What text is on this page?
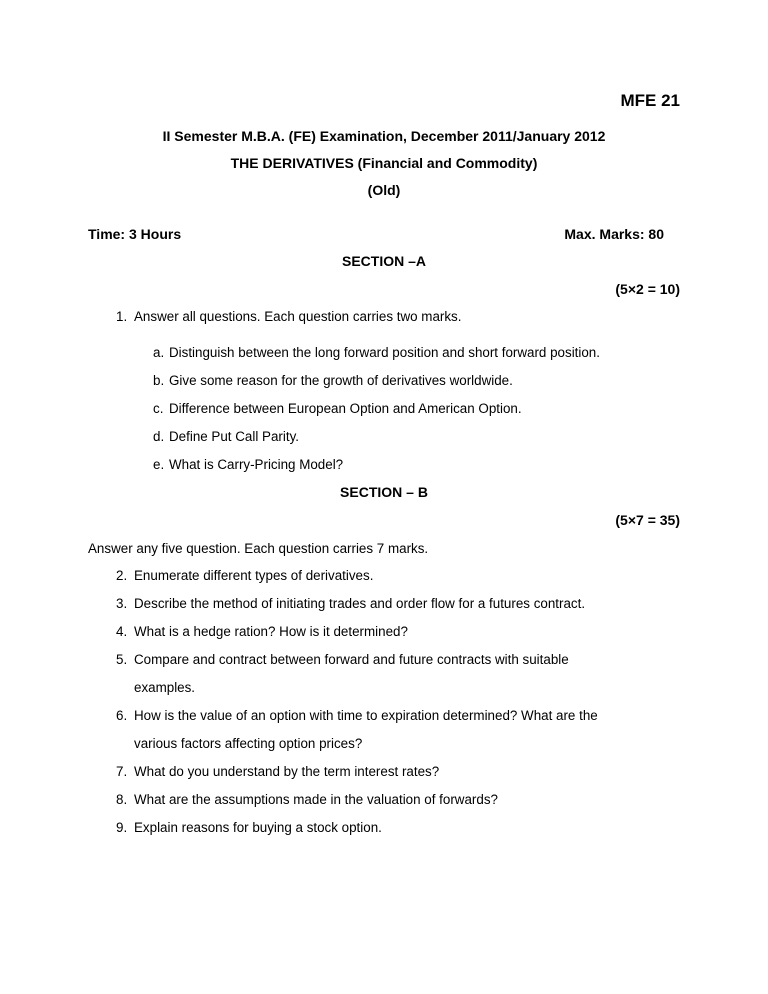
MFE 21
II Semester M.B.A. (FE) Examination, December 2011/January 2012
THE DERIVATIVES (Financial and Commodity)
(Old)
Time: 3 Hours	Max. Marks: 80
SECTION –A
(5×2 = 10)
1. Answer all questions. Each question carries two marks.
a. Distinguish between the long forward position and short forward position.
b. Give some reason for the growth of derivatives worldwide.
c. Difference between European Option and American Option.
d. Define Put Call Parity.
e. What is Carry-Pricing Model?
SECTION – B
(5×7 = 35)
Answer any five question. Each question carries 7 marks.
2. Enumerate different types of derivatives.
3. Describe the method of initiating trades and order flow for a futures contract.
4. What is a hedge ration? How is it determined?
5. Compare and contract between forward and future contracts with suitable
examples.
6. How is the value of an option with time to expiration determined? What are the
various factors affecting option prices?
7. What do you understand by the term interest rates?
8. What are the assumptions made in the valuation of forwards?
9. Explain reasons for buying a stock option.
